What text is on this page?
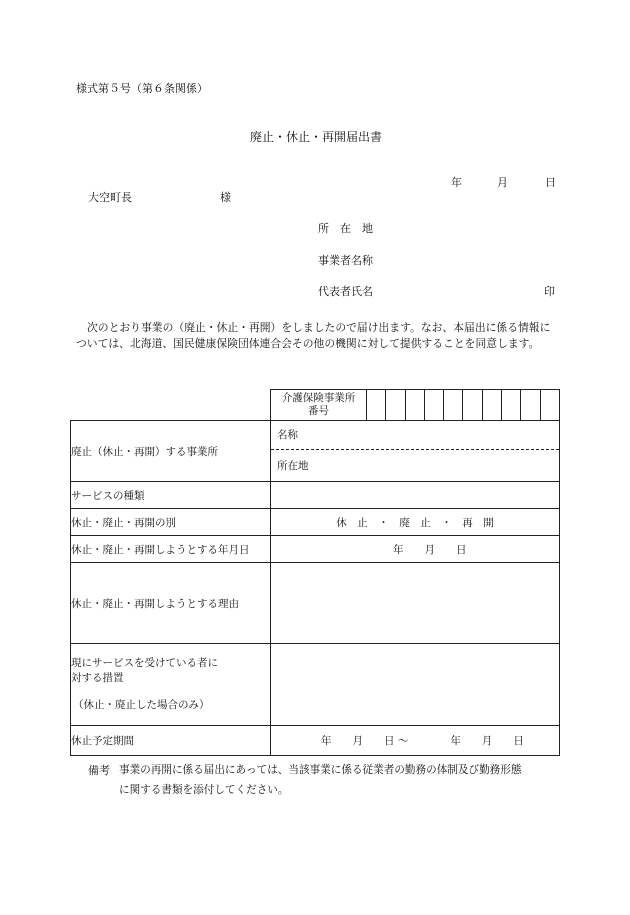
様式第５号（第６条関係）
廃止・休止・再開届出書
年	月	日
大空町長	様
所　在　地
事業者名称
代表者氏名	印
次のとおり事業の（廃止・休止・再開）をしましたので届け出ます。なお、本届出に係る情報については、北海道、国民健康保険団体連合会その他の機関に対して提供することを同意します。

	介護保険事業所
番号

廃止（休止・再開）する事業所	名称
所在地

サービスの種類	
休止・廃止・再開の別	休　止　・　廃　止　・　再　開
休止・廃止・再開しようとする年月日	年　　月　　日
休止・廃止・再開しようとする理由	

現にサービスを受けている者に
対する措置
（休止・廃止した場合のみ）	

休止予定期間	年　　月　　日 〜　　　　年　　月　　日
備考 事業の再開に係る届出にあっては、当該事業に係る従業者の勤務の体制及び勤務形態
に関する書類を添付してください。
